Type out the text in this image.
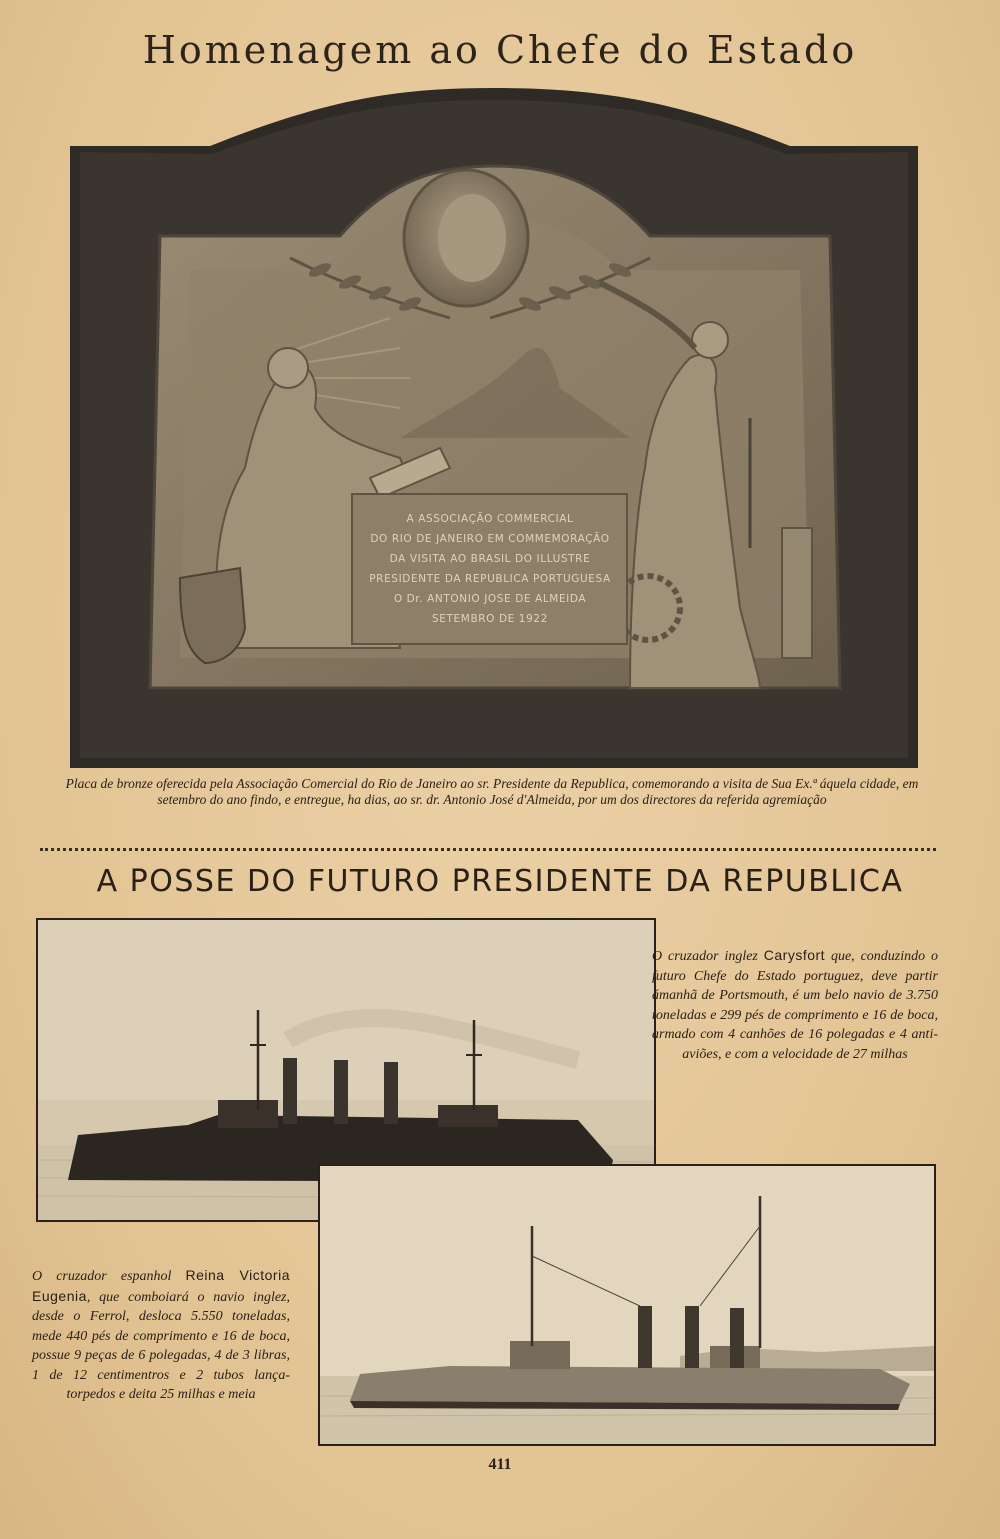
Homenagem ao Chefe do Estado
A ASSOCIAÇÃO COMMERCIAL
DO RIO DE JANEIRO EM COMMEMORAÇÃO
DA VISITA AO BRASIL DO ILLUSTRE
PRESIDENTE DA REPUBLICA PORTUGUESA
O Dr. ANTONIO JOSE DE ALMEIDA
SETEMBRO DE 1922
Placa de bronze oferecida pela Associação Comercial do Rio de Janeiro ao sr. Presidente da Republica, comemorando a visita de Sua Ex.ª áquela cidade, em setembro do ano findo, e entregue, ha dias, ao sr. dr. Antonio José d'Almeida, por um dos directores da referida agremiação
A POSSE DO FUTURO PRESIDENTE DA REPUBLICA
O cruzador inglez Carysfort que, conduzindo o futuro Chefe do Estado portuguez, deve partir ámanhã de Portsmouth, é um belo navio de 3.750 toneladas e 299 pés de comprimento e 16 de boca, armado com 4 canhões de 16 polegadas e 4 anti-aviões, e com a velocidade de 27 milhas
O cruzador espanhol Reina Victoria Eugenia, que comboiará o navio inglez, desde o Ferrol, desloca 5.550 toneladas, mede 440 pés de comprimento e 16 de boca, possue 9 peças de 6 polegadas, 4 de 3 libras, 1 de 12 centimentros e 2 tubos lança-torpedos e deita 25 milhas e meia
411
